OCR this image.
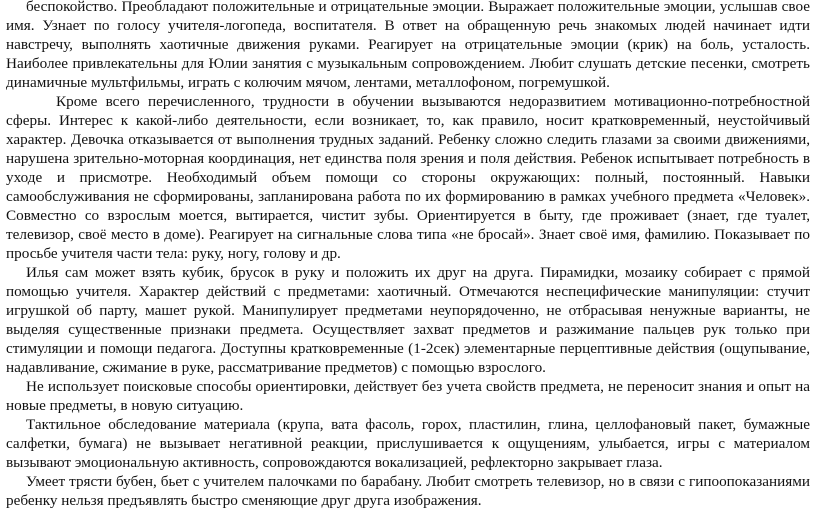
беспокойство. Преобладают положительные и отрицательные эмоции. Выражает положительные эмоции, услышав свое имя. Узнает по голосу учителя-логопеда, воспитателя. В ответ на обращенную речь знакомых людей начинает идти навстречу, выполнять хаотичные движения руками. Реагирует на отрицательные эмоции (крик) на боль, усталость. Наиболее привлекательны для Юлии занятия с музыкальным сопровождением. Любит слушать детские песенки, смотреть динамичные мультфильмы, играть с колючим мячом, лентами, металлофоном, погремушкой.

Кроме всего перечисленного, трудности в обучении вызываются недоразвитием мотивационно-потребностной сферы. Интерес к какой-либо деятельности, если возникает, то, как правило, носит кратковременный, неустойчивый характер. Девочка отказывается от выполнения трудных заданий. Ребенку сложно следить глазами за своими движениями, нарушена зрительно-моторная координация, нет единства поля зрения и поля действия. Ребенок испытывает потребность в уходе и присмотре. Необходимый объем помощи со стороны окружающих: полный, постоянный. Навыки самообслуживания не сформированы, запланирована работа по их формированию в рамках учебного предмета «Человек». Совместно со взрослым моется, вытирается, чистит зубы. Ориентируется в быту, где проживает (знает, где туалет, телевизор, своё место в доме). Реагирует на сигнальные слова типа «не бросай». Знает своё имя, фамилию. Показывает по просьбе учителя части тела: руку, ногу, голову и др.

Илья сам может взять кубик, брусок в руку и положить их друг на друга. Пирамидки, мозаику собирает с прямой помощью учителя. Характер действий с предметами: хаотичный. Отмечаются неспецифические манипуляции: стучит игрушкой об парту, машет рукой. Манипулирует предметами неупорядоченно, не отбрасывая ненужные варианты, не выделяя существенные признаки предмета. Осуществляет захват предметов и разжимание пальцев рук только при стимуляции и помощи педагога. Доступны кратковременные (1-2сек) элементарные перцептивные действия (ощупывание, надавливание, сжимание в руке, рассматривание предметов) с помощью взрослого.

Не использует поисковые способы ориентировки, действует без учета свойств предмета, не переносит знания и опыт на новые предметы, в новую ситуацию.

Тактильное обследование материала (крупа, вата фасоль, горох, пластилин, глина, целлофановый пакет, бумажные салфетки, бумага) не вызывает негативной реакции, прислушивается к ощущениям, улыбается, игры с материалом вызывают эмоциональную активность, сопровождаются вокализацией, рефлекторно закрывает глаза.

Умеет трясти бубен, бьет с учителем палочками по барабану. Любит смотреть телевизор, но в связи с гипоопоказаниями ребенку нельзя предъявлять быстро сменяющие друг друга изображения.
